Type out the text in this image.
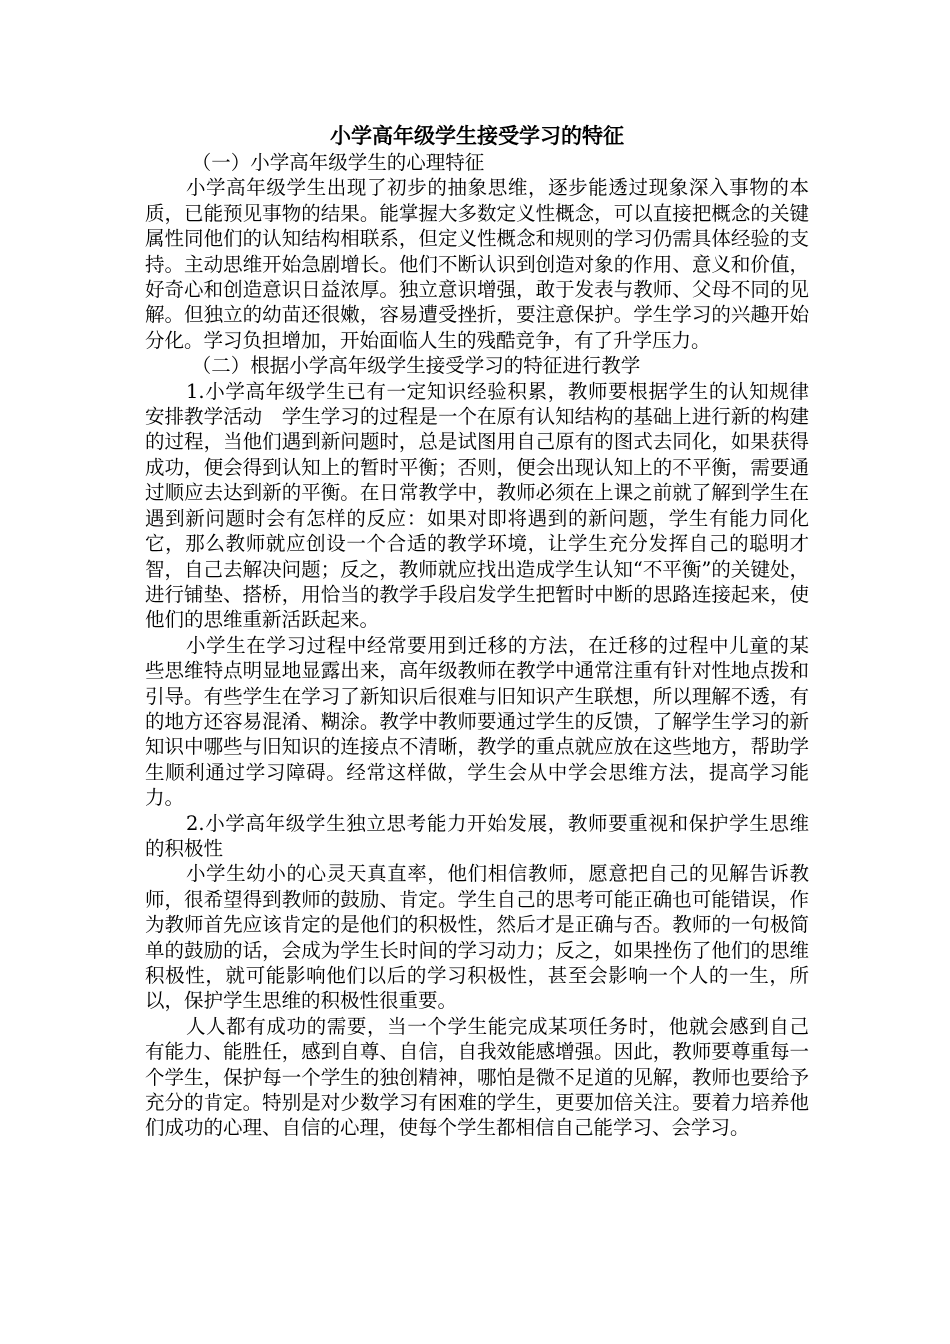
小学高年级学生接受学习的特征

（一）小学高年级学生的心理特征

小学高年级学生出现了初步的抽象思维，逐步能透过现象深入事物的本质，已能预见事物的结果。能掌握大多数定义性概念，可以直接把概念的关键属性同他们的认知结构相联系，但定义性概念和规则的学习仍需具体经验的支持。主动思维开始急剧增长。他们不断认识到创造对象的作用、意义和价值，好奇心和创造意识日益浓厚。独立意识增强，敢于发表与教师、父母不同的见解。但独立的幼苗还很嫩，容易遭受挫折，要注意保护。学生学习的兴趣开始分化。学习负担增加，开始面临人生的残酷竞争，有了升学压力。

（二）根据小学高年级学生接受学习的特征进行教学

1.小学高年级学生已有一定知识经验积累，教师要根据学生的认知规律安排教学活动　学生学习的过程是一个在原有认知结构的基础上进行新的构建的过程，当他们遇到新问题时，总是试图用自己原有的图式去同化，如果获得成功，便会得到认知上的暂时平衡；否则，便会出现认知上的不平衡，需要通过顺应去达到新的平衡。在日常教学中，教师必须在上课之前就了解到学生在遇到新问题时会有怎样的反应：如果对即将遇到的新问题，学生有能力同化它，那么教师就应创设一个合适的教学环境，让学生充分发挥自己的聪明才智，自己去解决问题；反之，教师就应找出造成学生认知“不平衡”的关键处，进行铺垫、搭桥，用恰当的教学手段启发学生把暂时中断的思路连接起来，使他们的思维重新活跃起来。

小学生在学习过程中经常要用到迁移的方法，在迁移的过程中儿童的某些思维特点明显地显露出来，高年级教师在教学中通常注重有针对性地点拨和引导。有些学生在学习了新知识后很难与旧知识产生联想，所以理解不透，有的地方还容易混淆、糊涂。教学中教师要通过学生的反馈，了解学生学习的新知识中哪些与旧知识的连接点不清晰，教学的重点就应放在这些地方，帮助学生顺利通过学习障碍。经常这样做，学生会从中学会思维方法，提高学习能力。

2.小学高年级学生独立思考能力开始发展，教师要重视和保护学生思维的积极性

小学生幼小的心灵天真直率，他们相信教师，愿意把自己的见解告诉教师，很希望得到教师的鼓励、肯定。学生自己的思考可能正确也可能错误，作为教师首先应该肯定的是他们的积极性，然后才是正确与否。教师的一句极简单的鼓励的话，会成为学生长时间的学习动力；反之，如果挫伤了他们的思维积极性，就可能影响他们以后的学习积极性，甚至会影响一个人的一生，所以，保护学生思维的积极性很重要。

人人都有成功的需要，当一个学生能完成某项任务时，他就会感到自己有能力、能胜任，感到自尊、自信，自我效能感增强。因此，教师要尊重每一个学生，保护每一个学生的独创精神，哪怕是微不足道的见解，教师也要给予充分的肯定。特别是对少数学习有困难的学生，更要加倍关注。要着力培养他们成功的心理、自信的心理，使每个学生都相信自己能学习、会学习。
